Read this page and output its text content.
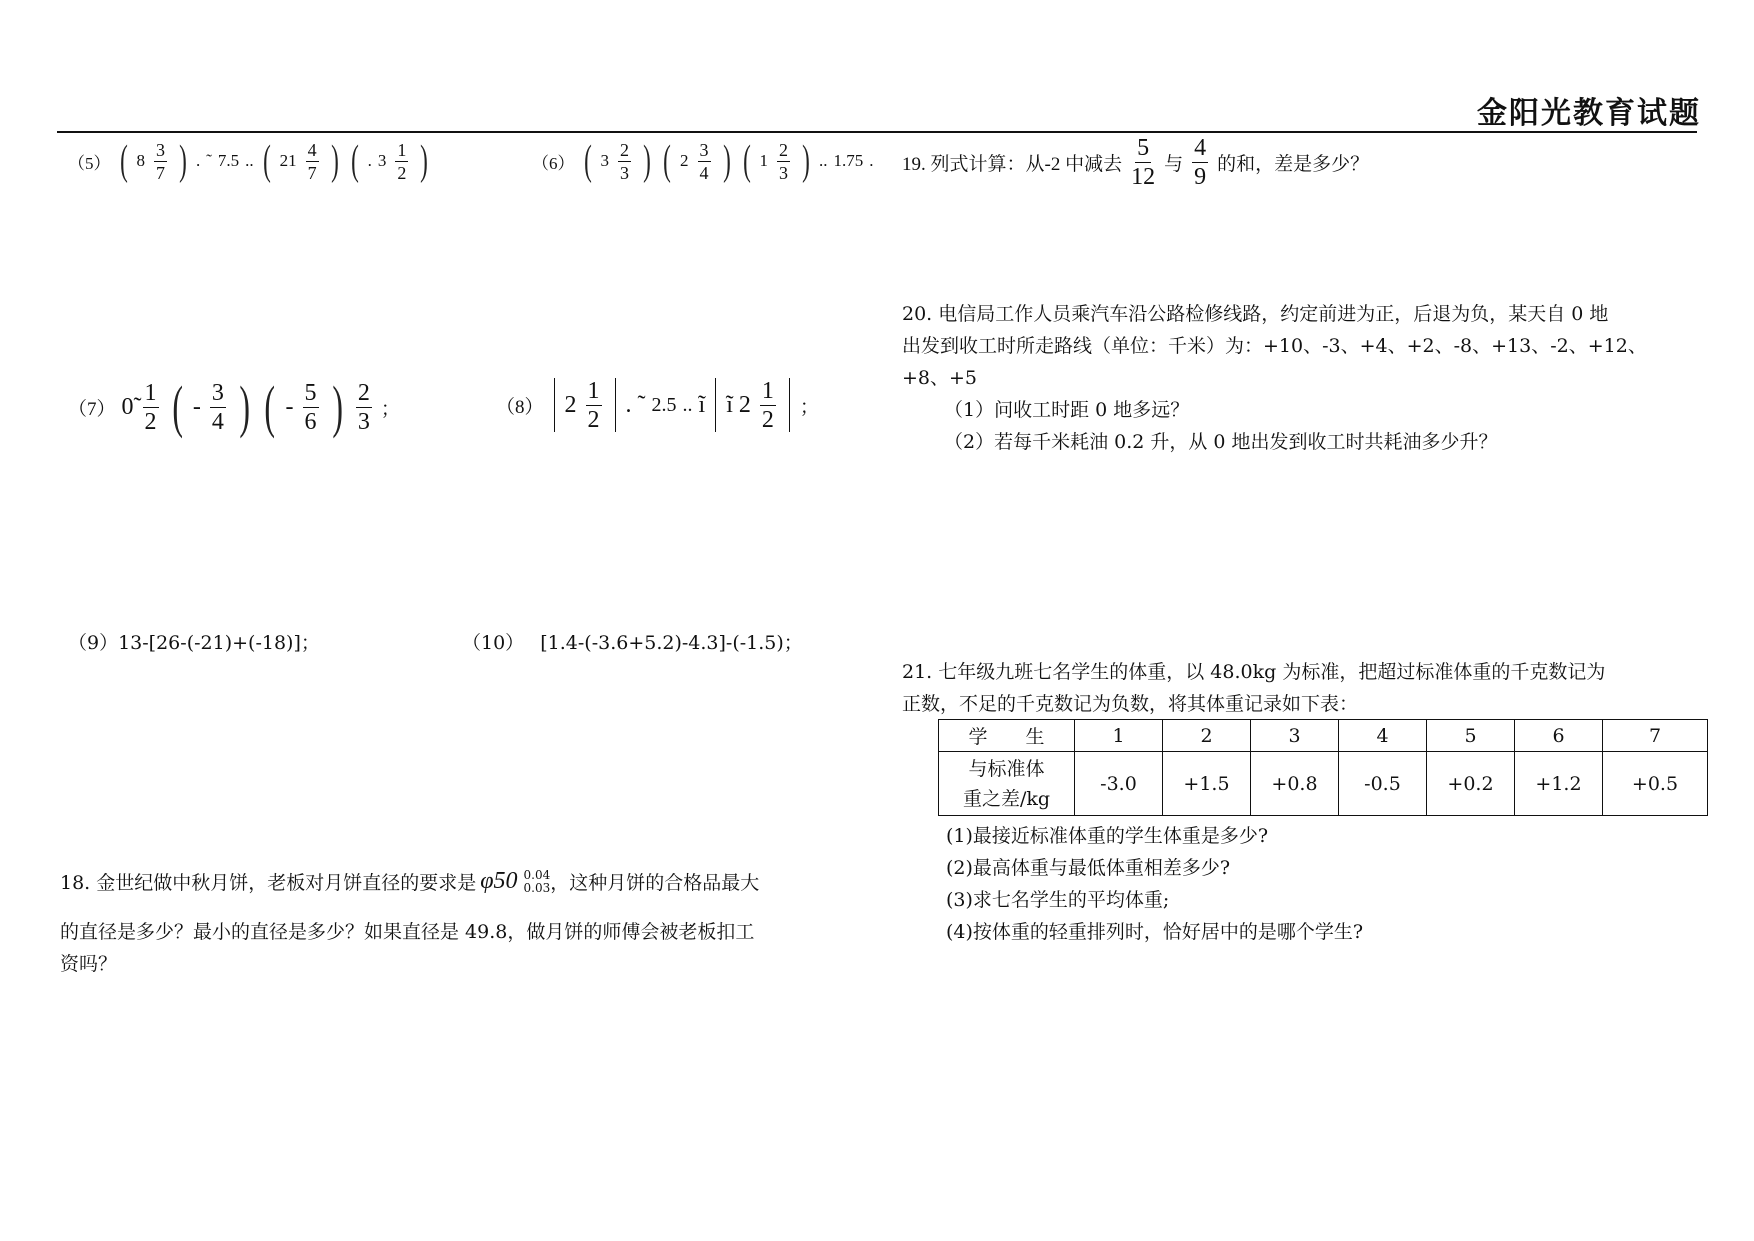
金阳光教育试题
（5） ( $8 \frac{3}{7}$ ) . ˜ 7.5 .. ( $21 \frac{4}{7}$ ) ( . $3 \frac{1}{2}$ )	（6） ( $3 \frac{2}{3}$ ) ( $2 \frac{3}{4}$ ) ( $1 \frac{2}{3}$ ) .. 1.75 . 19. 列式计算：从-2 中减去 $\frac{5}{12}$ 与 $\frac{4}{9}$ 的和，差是多少？
20. 电信局工作人员乘汽车沿公路检修线路，约定前进为正，后退为负，某天自 0 地
出发到收工时所走路线（单位：千米）为：+10、-3、+4、+2、-8、+13、-2、+12、
+8、+5
（1）问收工时距 0 地多远？
（2）若每千米耗油 0.2 升，从 0 地出发到收工时共耗油多少升？
（7） 0̃ $\frac{1}{2}$ ( - $\frac{3}{4}$ ) ( - $\frac{5}{6}$ ) $\frac{2}{3}$ ；	（8） $2 \frac{1}{2}$ . ˜ 2.5 .. ĩ ĩ $2 \frac{1}{2}$ ；
（9）13-[26-(-21)+(-18)]；	（10） [1.4-(-3.6+5.2)-4.3]-(-1.5)；
21. 七年级九班七名学生的体重，以 48.0kg 为标准，把超过标准体重的千克数记为
正数，不足的千克数记为负数，将其体重记录如下表：
学　　生	1	2	3	4	5	6	7

与标准体
重之差/kg	-3.0	+1.5	+0.8	-0.5	+0.2	+1.2	+0.5
(1)最接近标准体重的学生体重是多少?
(2)最高体重与最低体重相差多少?
(3)求七名学生的平均体重;
(4)按体重的轻重排列时，恰好居中的是哪个学生?
18. 金世纪做中秋月饼，老板对月饼直径的要求是 φ50 0.04
0.03 ，这种月饼的合格品最大
的直径是多少？最小的直径是多少？如果直径是 49.8，做月饼的师傅会被老板扣工
资吗？
